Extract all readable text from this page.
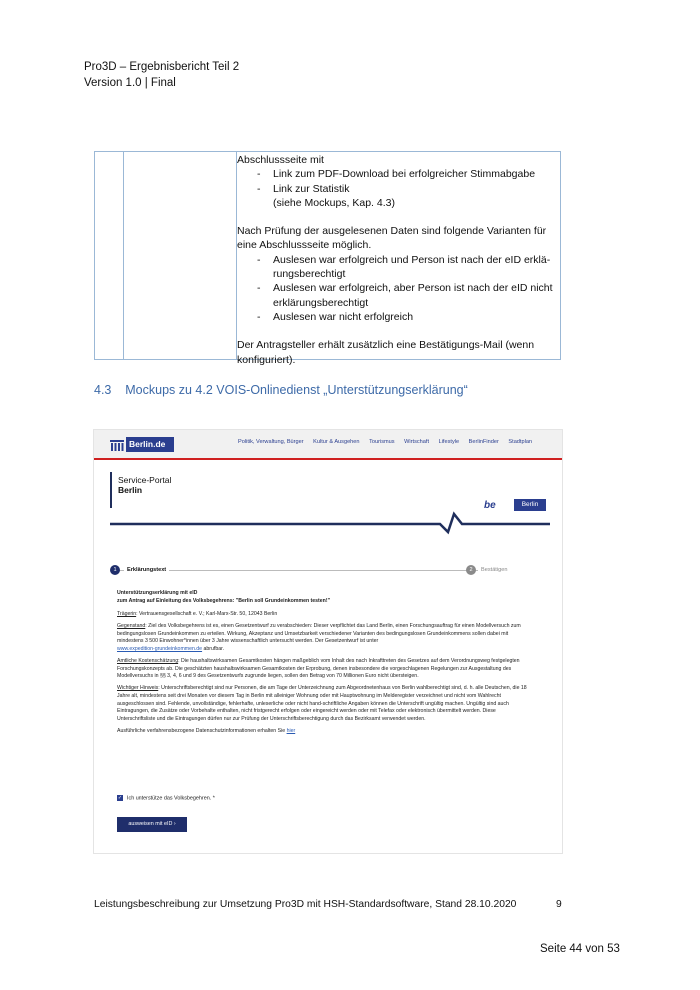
Pro3D – Ergebnisbericht Teil 2
Version 1.0 | Final

Abschlussseite mit

- Link zum PDF-Download bei erfolgreicher Stimmabgabe

- Link zur Statistik

(siehe Mockups, Kap. 4.3)

Nach Prüfung der ausgelesenen Daten sind folgende Varianten für

eine Abschlussseite möglich.

- Auslesen war erfolgreich und Person ist nach der eID erklä-

rungsberechtigt

- Auslesen war erfolgreich, aber Person ist nach der eID nicht

erklärungsberechtigt

- Auslesen war nicht erfolgreich

Der Antragsteller erhält zusätzlich eine Bestätigungs-Mail (wenn

konfiguriert).

4.3    Mockups zu 4.2 VOIS-Onlinedienst „Unterstützungserklärung“
Berlin.de	Politik, Verwaltung, Bürger Kultur & Ausgehen Tourismus Wirtschaft Lifestyle BerlinFinder Stadtplan
Service-Portal
Berlin
be	Berlin
1	Erklärungstext	2	Bestätigen

Unterstützungserklärung mit eID

zum Antrag auf Einleitung des Volksbegehrens: "Berlin soll Grundeinkommen testen!"

Trägerin: Vertrauensgesellschaft e. V.; Karl-Marx-Str. 50, 12043 Berlin

Gegenstand: Ziel des Volksbegehrens ist es, einen Gesetzentwurf zu verabschieden: Dieser verpflichtet das Land Berlin, einen Forschungsauftrag für einen Modellversuch zum bedingungslosen Grundeinkommen zu erteilen. Wirkung, Akzeptanz und Umsetzbarkeit verschiedener Varianten des bedingungslosen Grundeinkommens sollen dabei mit mindestens 3 500 Einwohner*innen über 3 Jahre wissenschaftlich untersucht werden. Der Gesetzentwurf ist unter
www.expedition-grundeinkommen.de abrufbar.

Amtliche Kostenschätzung: Die haushaltswirksamen Gesamtkosten hängen maßgeblich vom Inhalt des nach Inkrafttreten des Gesetzes auf dem Verordnungsweg festgelegten Forschungskonzepts ab. Die geschätzten haushaltswirksamen Gesamtkosten der Erprobung, denen insbesondere die vorgeschlagenen Regelungen zur Ausgestaltung des Modellversuchs in §§ 3, 4, 6 und 9 des Gesetzentwurfs zugrunde liegen, sollen den Betrag von 70 Millionen Euro nicht übersteigen.

Wichtiger Hinweis: Unterschriftsberechtigt sind nur Personen, die am Tage der Unterzeichnung zum Abgeordnetenhaus von Berlin wahlberechtigt sind, d. h. alle Deutschen, die 18 Jahre alt, mindestens seit drei Monaten vor diesem Tag in Berlin mit alleiniger Wohnung oder mit Hauptwohnung im Melderegister verzeichnet und nicht vom Wahlrecht ausgeschlossen sind. Fehlende, unvollständige, fehlerhafte, unleserliche oder nicht hand-schriftliche Angaben können die Unterschrift ungültig machen. Ungültig sind auch Eintragungen, die Zusätze oder Vorbehalte enthalten, nicht fristgerecht erfolgen oder eingereicht werden oder mit Telefax oder elektronisch übermittelt werden. Diese Unterschriftsliste und die Eintragungen dürfen nur zur Prüfung der Unterschriftsberechtigung durch das Bezirksamt verwendet werden.

Ausführliche verfahrensbezogene Datenschutzinformationen erhalten Sie hier

✓ Ich unterstütze das Volksbegehren. *
ausweisen mit eID ›
Leistungsbeschreibung zur Umsetzung Pro3D mit HSH-Standardsoftware, Stand 28.10.2020	9
Seite 44 von 53
